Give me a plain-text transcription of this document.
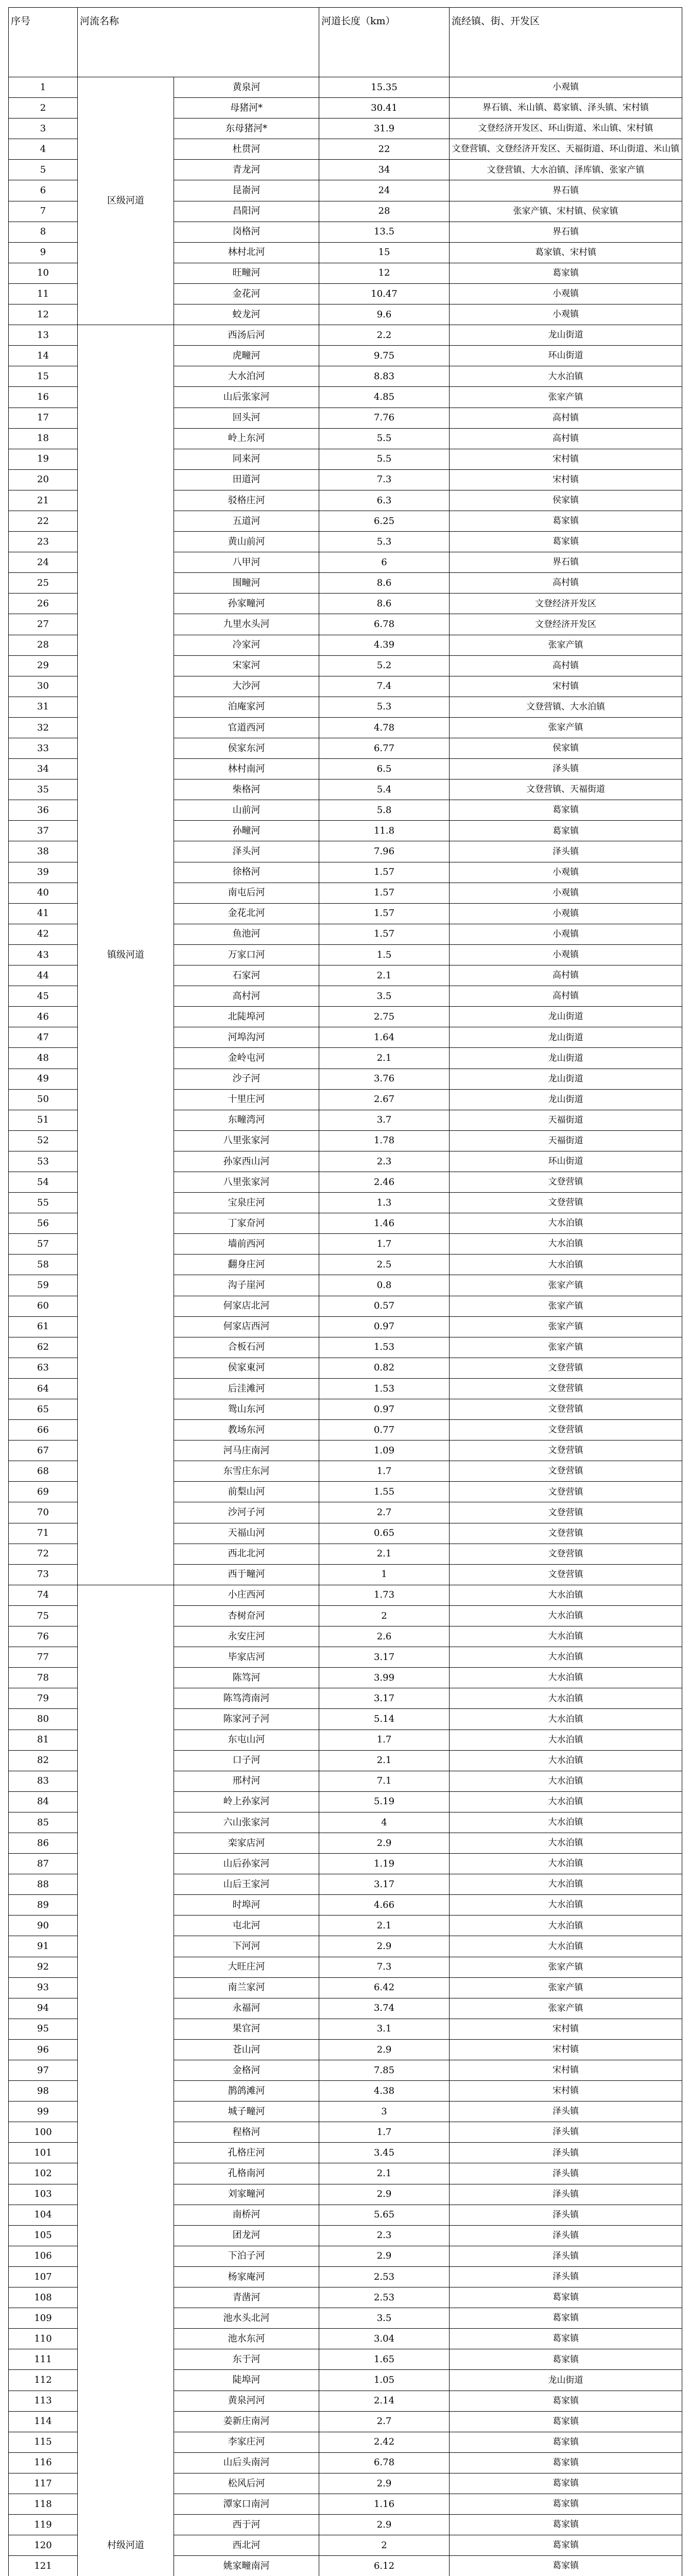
序号	河流名称		河道长度（km）	流经镇、街、开发区
1	区级河道	黄泉河	15.35	小观镇
2		母猪河*	30.41	界石镇、米山镇、葛家镇、泽头镇、宋村镇
3		东母猪河*	31.9	文登经济开发区、环山街道、米山镇、宋村镇
4		杜贯河	22	文登营镇、文登经济开发区、天福街道、环山街道、米山镇
5		青龙河	34	文登营镇、大水泊镇、泽库镇、张家产镇
6		昆嵛河	24	界石镇
7		昌阳河	28	张家产镇、宋村镇、侯家镇
8		岗格河	13.5	界石镇
9		林村北河	15	葛家镇、宋村镇
10		旺疃河	12	葛家镇
11		金花河	10.47	小观镇
12		蛟龙河	9.6	小观镇
13	镇级河道	西汤后河	2.2	龙山街道
14		虎疃河	9.75	环山街道
15		大水泊河	8.83	大水泊镇
16		山后张家河	4.85	张家产镇
17		回头河	7.76	高村镇
18		岭上东河	5.5	高村镇
19		同来河	5.5	宋村镇
20		田道河	7.3	宋村镇
21		驳格庄河	6.3	侯家镇
22		五道河	6.25	葛家镇
23		黄山前河	5.3	葛家镇
24		八甲河	6	界石镇
25		围疃河	8.6	高村镇
26		孙家疃河	8.6	文登经济开发区
27		九里水头河	6.78	文登经济开发区
28		冷家河	4.39	张家产镇
29		宋家河	5.2	高村镇
30		大沙河	7.4	宋村镇
31		泊庵家河	5.3	文登营镇、大水泊镇
32		官道西河	4.78	张家产镇
33		侯家东河	6.77	侯家镇
34		林村南河	6.5	泽头镇
35		柴格河	5.4	文登营镇、天福街道
36		山前河	5.8	葛家镇
37		孙疃河	11.8	葛家镇
38		泽头河	7.96	泽头镇
39		徐格河	1.57	小观镇
40		南屯后河	1.57	小观镇
41		金花北河	1.57	小观镇
42		鱼池河	1.57	小观镇
43		万家口河	1.5	小观镇
44		石家河	2.1	高村镇
45		高村河	3.5	高村镇
46		北陡埠河	2.75	龙山街道
47		河埠沟河	1.64	龙山街道
48		金岭屯河	2.1	龙山街道
49		沙子河	3.76	龙山街道
50		十里庄河	2.67	龙山街道
51		东疃湾河	3.7	天福街道
52		八里张家河	1.78	天福街道
53		孙家西山河	2.3	环山街道
54		八里张家河	2.46	文登营镇
55		宝泉庄河	1.3	文登营镇
56		丁家夼河	1.46	大水泊镇
57		墙前西河	1.7	大水泊镇
58		翻身庄河	2.5	大水泊镇
59		沟子崖河	0.8	张家产镇
60		何家店北河	0.57	张家产镇
61		何家店西河	0.97	张家产镇
62		合板石河	1.53	张家产镇
63		侯家東河	0.82	文登营镇
64		后洼滩河	1.53	文登营镇
65		鸳山东河	0.97	文登营镇
66		教场东河	0.77	文登营镇
67		河马庄南河	1.09	文登营镇
68		东雪庄东河	1.7	文登营镇
69		前梨山河	1.55	文登营镇
70		沙河子河	2.7	文登营镇
71		天福山河	0.65	文登营镇
72		西北北河	2.1	文登营镇
73		西于疃河	1	文登营镇
74	村级河道	小庄西河	1.73	大水泊镇
75		杏树夼河	2	大水泊镇
76		永安庄河	2.6	大水泊镇
77		毕家店河	3.17	大水泊镇
78		陈笃河	3.99	大水泊镇
79		陈笃湾南河	3.17	大水泊镇
80		陈家河子河	5.14	大水泊镇
81		东屯山河	1.7	大水泊镇
82		口子河	2.1	大水泊镇
83		邢村河	7.1	大水泊镇
84		岭上孙家河	5.19	大水泊镇
85		六山张家河	4	大水泊镇
86		栾家店河	2.9	大水泊镇
87		山后孙家河	1.19	大水泊镇
88		山后王家河	3.17	大水泊镇
89		时埠河	4.66	大水泊镇
90		屯北河	2.1	大水泊镇
91		下河河	2.9	大水泊镇
92		大旺庄河	7.3	张家产镇
93		南兰家河	6.42	张家产镇
94		永福河	3.74	张家产镇
95		果官河	3.1	宋村镇
96		苍山河	2.9	宋村镇
97		金格河	7.85	宋村镇
98		鹊鸽滩河	4.38	宋村镇
99		城子疃河	3	泽头镇
100		程格河	1.7	泽头镇
101		孔格庄河	3.45	泽头镇
102		孔格南河	2.1	泽头镇
103		刘家疃河	2.9	泽头镇
104		南桥河	5.65	泽头镇
105		团龙河	2.3	泽头镇
106		下泊子河	2.9	泽头镇
107		杨家庵河	2.53	泽头镇
108		青凿河	2.53	葛家镇
109		池水头北河	3.5	葛家镇
110		池水东河	3.04	葛家镇
111		东于河	1.65	葛家镇
112		陡埠河	1.05	龙山街道
113		黄泉河河	2.14	葛家镇
114		姜新庄南河	2.7	葛家镇
115		李家庄河	2.42	葛家镇
116		山后头南河	6.78	葛家镇
117		松风后河	2.9	葛家镇
118		潭家口南河	1.16	葛家镇
119		西于河	2.9	葛家镇
120		西北河	2	葛家镇
121		姚家疃南河	6.12	葛家镇
